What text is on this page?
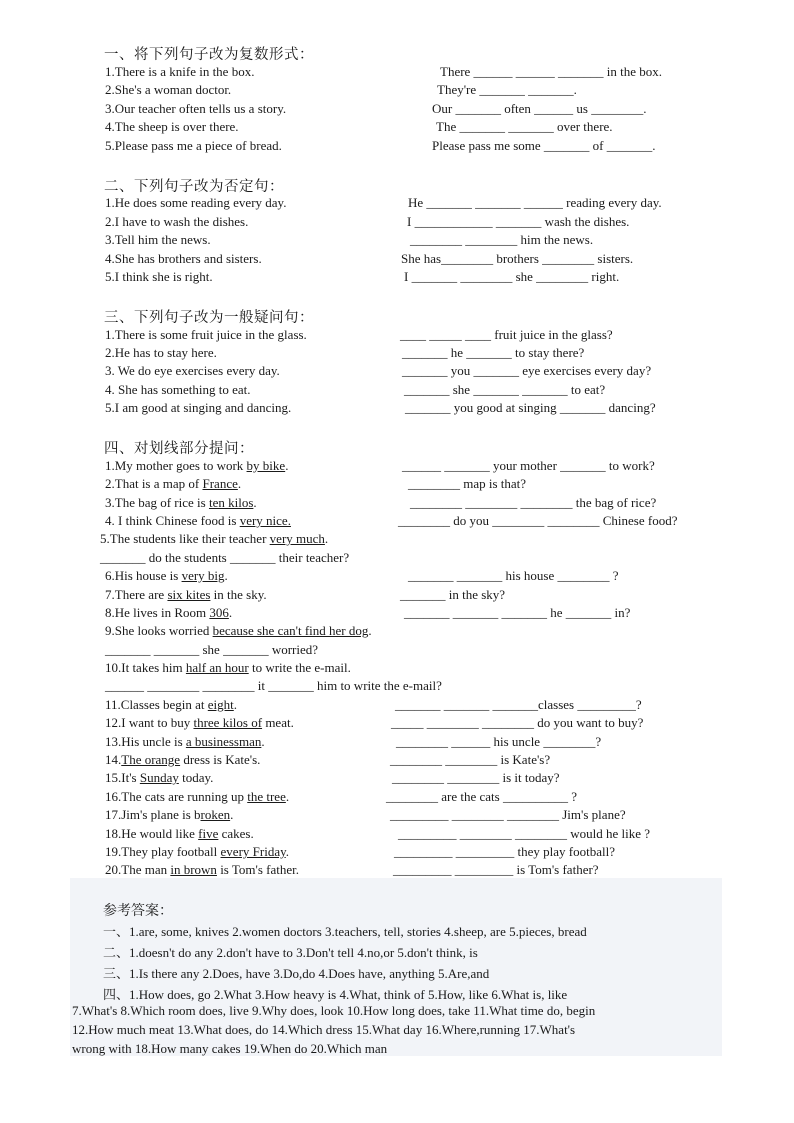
一、将下列句子改为复数形式：
1.There is a knife in the box.	There ______ ______ _______ in the box.
2.She's a woman doctor.	They're _______ _______.
3.Our teacher often tells us a story.	Our _______ often ______ us ________.
4.The sheep is over there.	The _______ _______ over there.
5.Please pass me a piece of bread.	Please pass me some _______ of _______.
二、下列句子改为否定句：
1.He does some reading every day.	He _______ _______ ______ reading every day.
2.I have to wash the dishes.	I ____________ _______ wash the dishes.
3.Tell him the news.	________ ________ him the news.
4.She has brothers and sisters.	She has________ brothers ________ sisters.
5.I think she is right.	I _______ ________ she ________ right.
三、下列句子改为一般疑问句：
1.There is some fruit juice in the glass.	____ _____ ____ fruit juice in the glass?
2.He has to stay here.	_______ he _______ to stay there?
3. We do eye exercises every day.	_______ you _______ eye exercises every day?
4. She has something to eat.	_______ she _______ _______ to eat?
5.I am good at singing and dancing.	_______ you good at singing _______ dancing?
四、对划线部分提问：
1.My mother goes to work by bike.	______ _______ your mother _______ to work?
2.That is a map of France.	________ map is that?
3.The bag of rice is ten kilos.	________ ________ ________ the bag of rice?
4. I think Chinese food is very nice.	________ do you ________ ________ Chinese food?
5.The students like their teacher very much.
_______ do the students _______ their teacher?
6.His house is very big.	_______ _______ his house ________ ?
7.There are six kites in the sky.	_______ in the sky?
8.He lives in Room 306.	_______ _______ _______ he _______ in?
9.She looks worried because she can't find her dog.
_______ _______ she _______ worried?
10.It takes him half an hour to write the e-mail.
______ ________ ________ it _______ him to write the e-mail?
11.Classes begin at eight.	_______ _______ _______classes _________?
12.I want to buy three kilos of meat.	_____ ________ ________ do you want to buy?
13.His uncle is a businessman.	________ ______ his uncle ________?
14.The orange dress is Kate's.	________ ________ is Kate's?
15.It's Sunday today.	________ ________ is it today?
16.The cats are running up the tree.	________ are the cats __________ ?
17.Jim's plane is broken.	_________ ________ ________ Jim's plane?
18.He would like five cakes.	_________ ________ ________ would he like ?
19.They play football every Friday.	_________ _________ they play football?
20.The man in brown is Tom's father.	_________ _________ is Tom's father?
参考答案：
一、1.are, some, knives 2.women doctors 3.teachers, tell, stories 4.sheep, are 5.pieces, bread
二、1.doesn't do any 2.don't have to 3.Don't tell 4.no,or 5.don't think, is
三、1.Is there any 2.Does, have 3.Do,do 4.Does have, anything 5.Are,and
四、1.How does, go 2.What 3.How heavy is 4.What, think of 5.How, like 6.What is, like
7.What's 8.Which room does, live 9.Why does, look 10.How long does, take 11.What time do, begin
12.How much meat 13.What does, do 14.Which dress 15.What day 16.Where,running 17.What's
wrong with 18.How many cakes 19.When do 20.Which man
